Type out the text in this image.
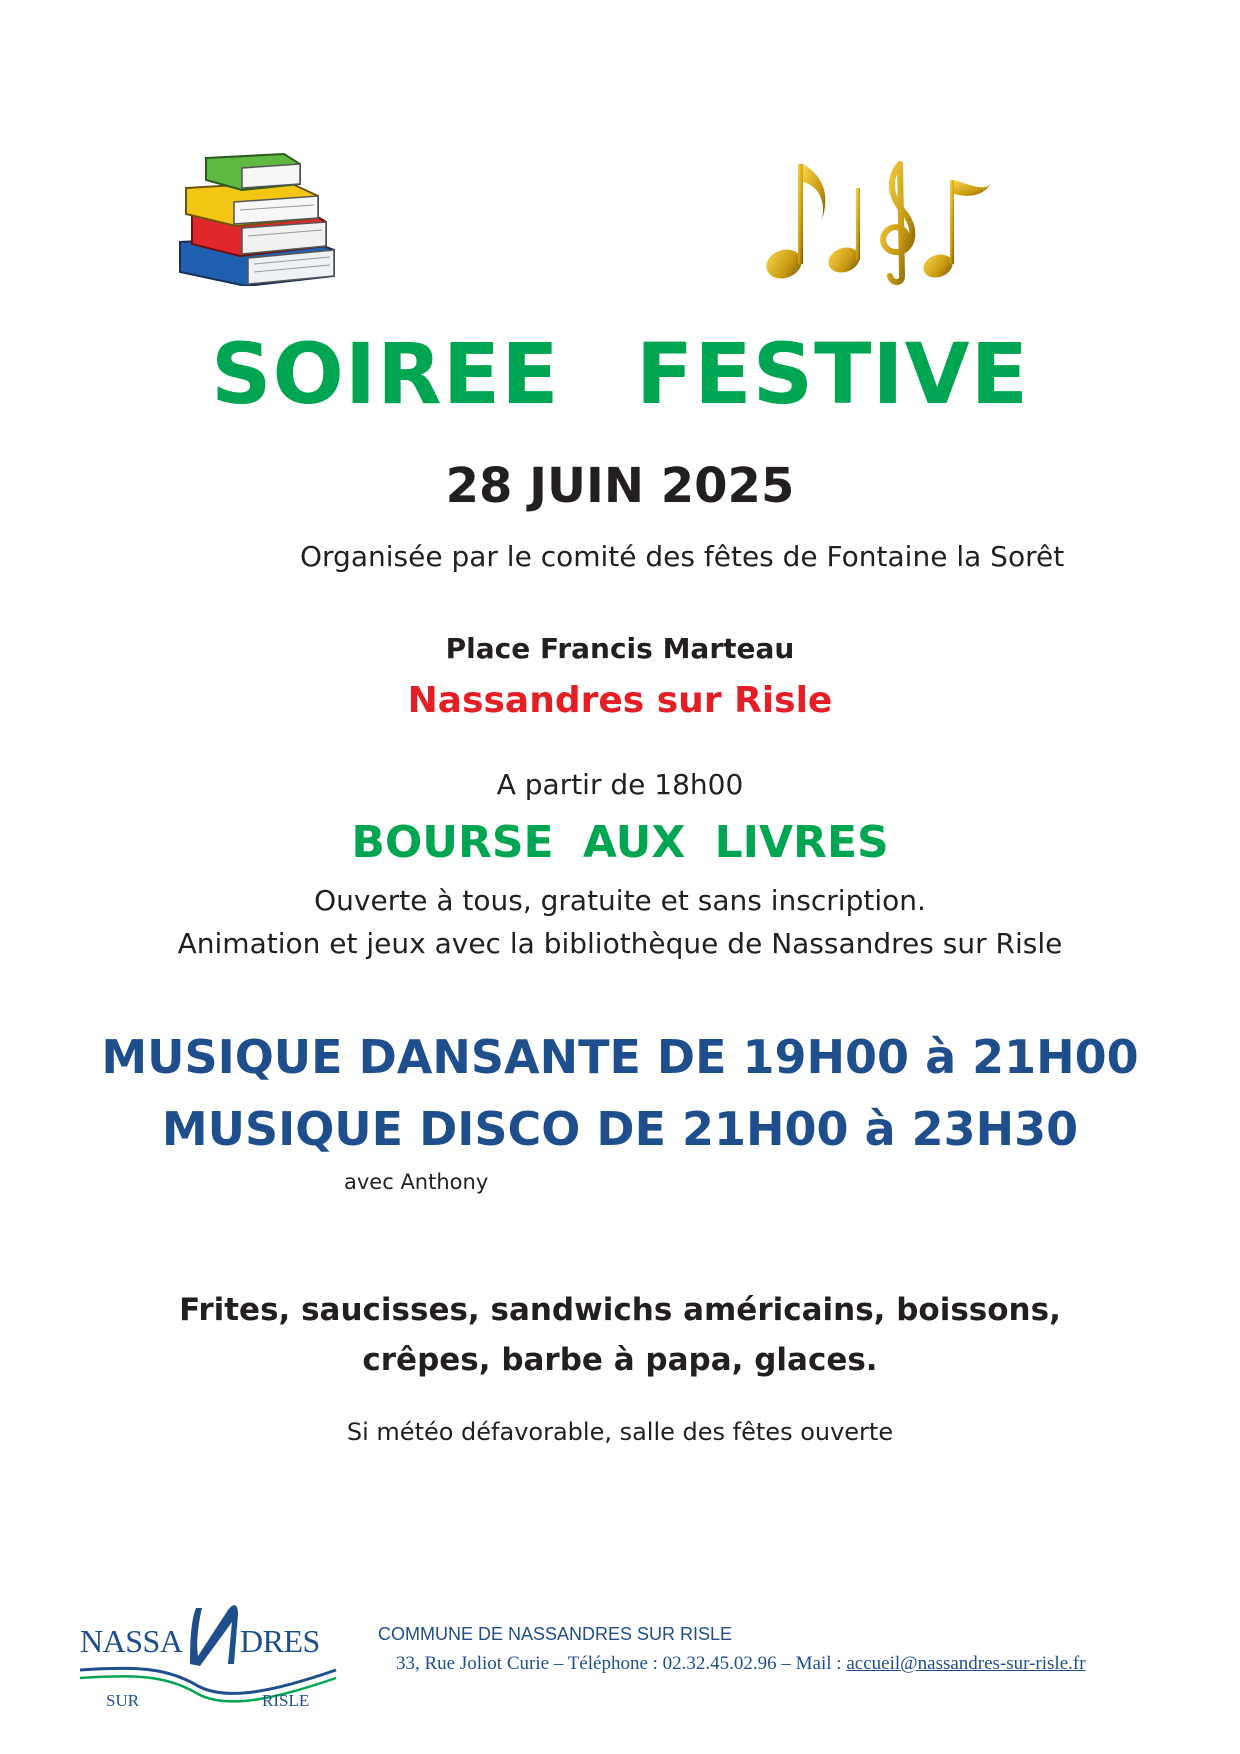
SOIREE FESTIVE
28 JUIN 2025
Organisée par le comité des fêtes de Fontaine la Sorêt
Place Francis Marteau
Nassandres sur Risle
A partir de 18h00
BOURSE AUX LIVRES
Ouverte à tous, gratuite et sans inscription.
Animation et jeux avec la bibliothèque de Nassandres sur Risle
MUSIQUE DANSANTE DE 19H00 à 21H00
MUSIQUE DISCO DE 21H00 à 23H30
avec Anthony
Frites, saucisses, sandwichs américains, boissons,
crêpes, barbe à papa, glaces.
Si météo défavorable, salle des fêtes ouverte
NASSA DRES
SUR	RISLE
COMMUNE DE NASSANDRES SUR RISLE
33, Rue Joliot Curie – Téléphone : 02.32.45.02.96 – Mail : accueil@nassandres-sur-risle.fr
